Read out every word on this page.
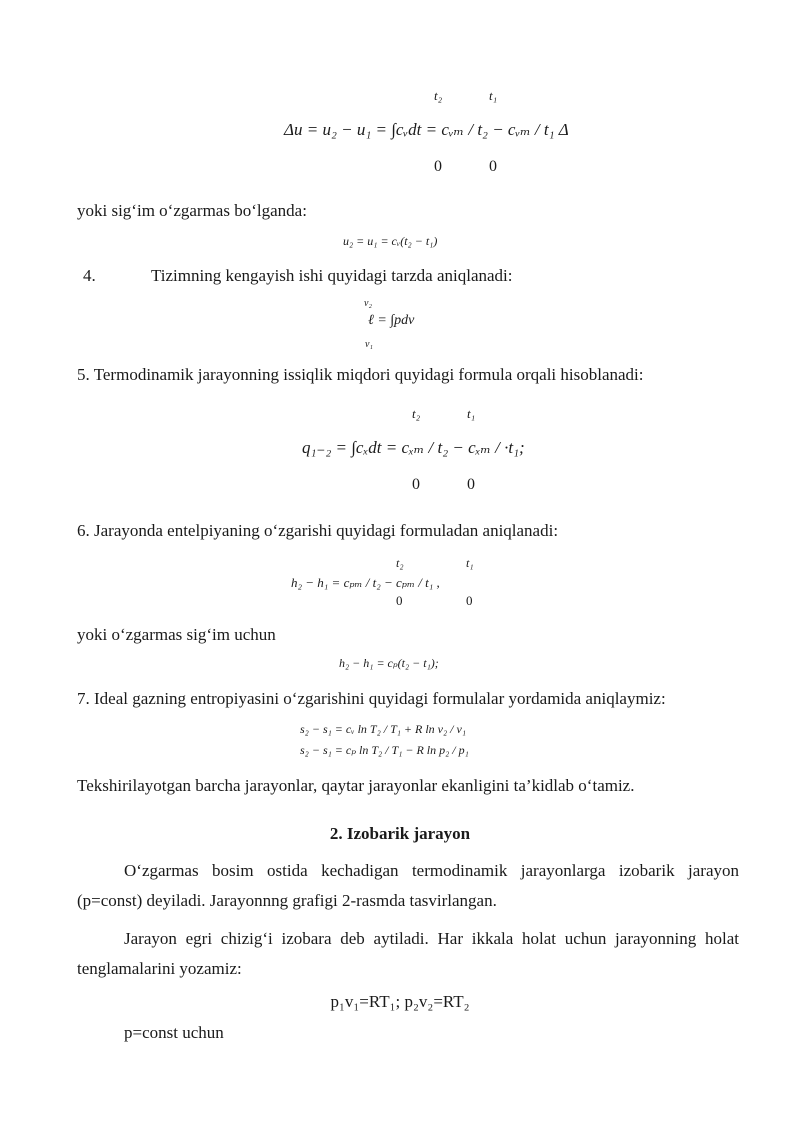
t₂	t₁
Δu = u₂ − u₁ = ∫cᵥdt = cᵥₘ / t₂ − cᵥₘ / t₁ Δ
0	0
yoki sig‘im o‘zgarmas bo‘lganda:
u₂ = u₁ = cᵥ(t₂ − t₁)
4.	Tizimning kengayish ishi quyidagi tarzda aniqlanadi:
v₂
ℓ = ∫pdv
v₁
5. Termodinamik jarayonning issiqlik miqdori quyidagi formula orqali hisoblanadi:
t₂	t₁
q₁₋₂ = ∫cₓdt = cₓₘ / t₂ − cₓₘ / ·t₁;
0	0
6. Jarayonda entelpiyaning o‘zgarishi quyidagi formuladan aniqlanadi:
t₂	t₁
h₂ − h₁ = cₚₘ / t₂ − cₚₘ / t₁ ,
0	0
yoki o‘zgarmas sig‘im uchun
h₂ − h₁ = cₚ(t₂ − t₁);
7. Ideal gazning entropiyasini o‘zgarishini quyidagi formulalar yordamida aniqlaymiz:
s₂ − s₁ = cᵥ ln T₂ / T₁ + R ln v₂ / v₁
s₂ − s₁ = cₚ ln T₂ / T₁ − R ln p₂ / p₁
Tekshirilayotgan barcha jarayonlar, qaytar jarayonlar ekanligini ta’kidlab o‘tamiz.
2. Izobarik jarayon
O‘zgarmas bosim ostida kechadigan termodinamik jarayonlarga izobarik jarayon (p=const) deyiladi. Jarayonnng grafigi 2-rasmda tasvirlangan.
Jarayon egri chizig‘i izobara deb aytiladi. Har ikkala holat uchun jarayonning holat tenglamalarini yozamiz:
p₁v₁=RT₁; p₂v₂=RT₂
p=const uchun
